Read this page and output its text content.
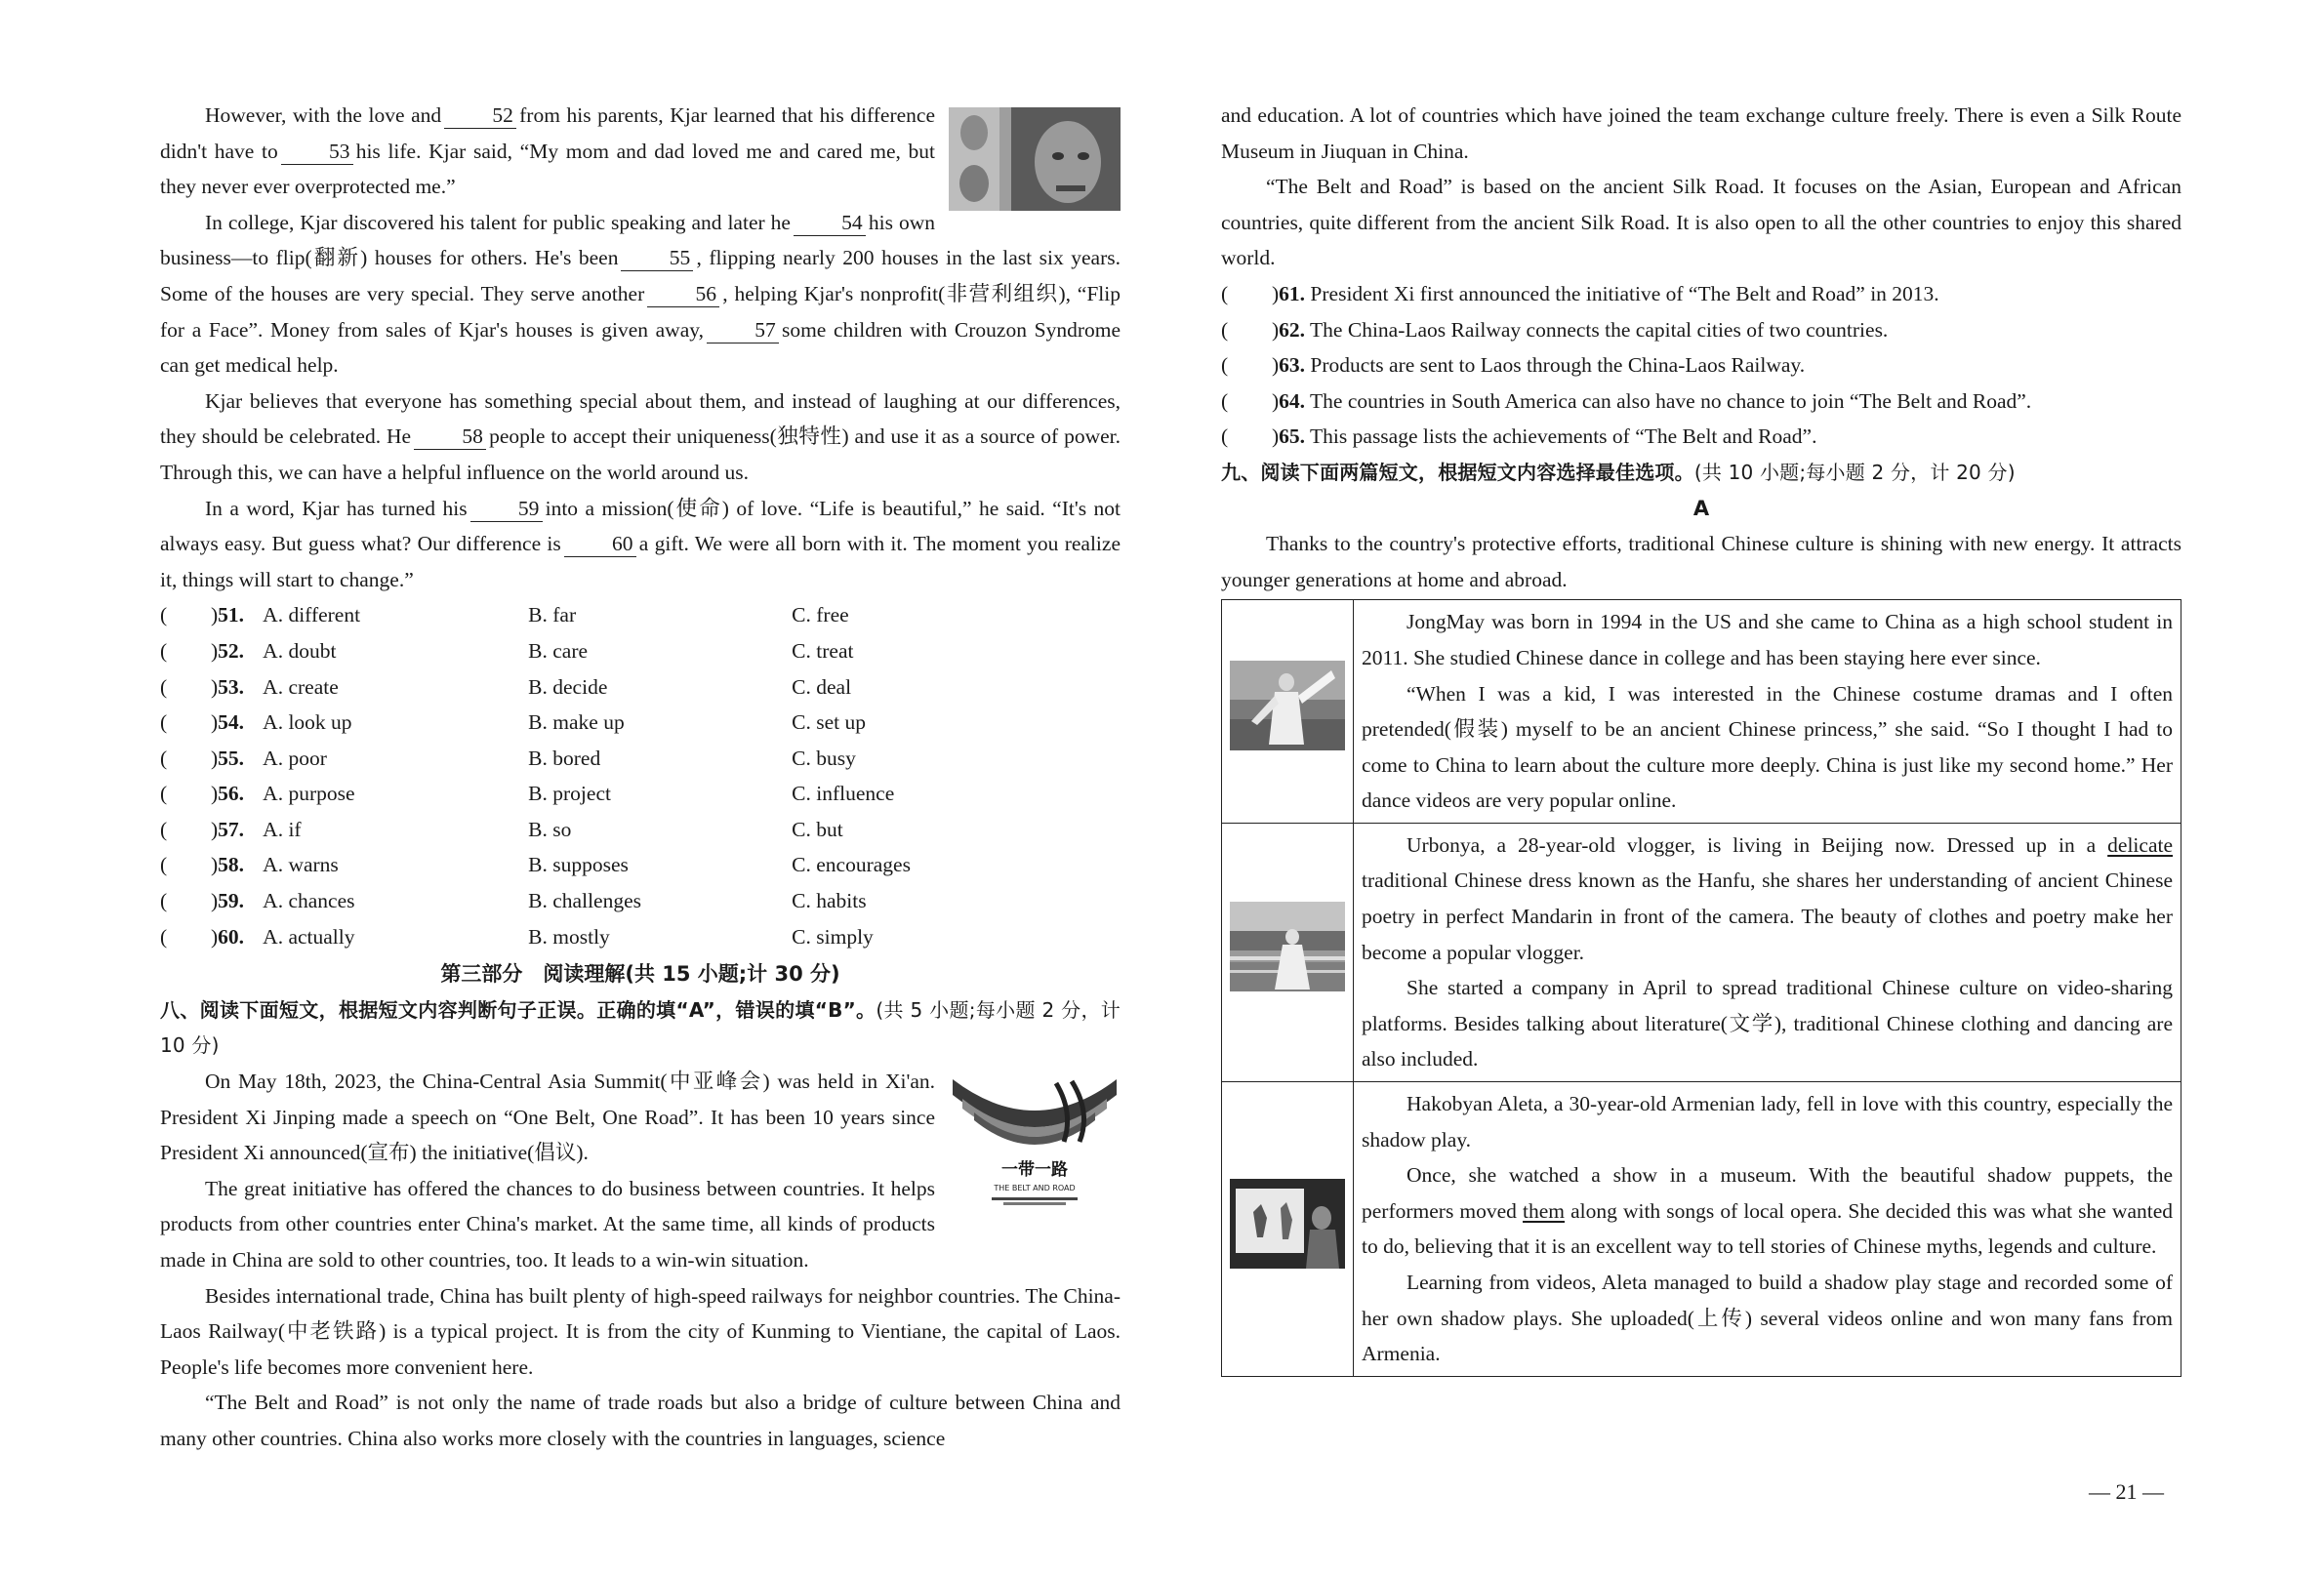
However, with the love and 52 from his parents, Kjar learned that his difference didn't have to 53 his life. Kjar said, “My mom and dad loved me and cared me, but they never ever overprotected me.”

In college, Kjar discovered his talent for public speaking and later he 54 his own business—to flip(翻新) houses for others. He's been 55 , flipping nearly 200 houses in the last six years. Some of the houses are very special. They serve another 56 , helping Kjar's nonprofit(非营利组织), “Flip for a Face”. Money from sales of Kjar's houses is given away, 57 some children with Crouzon Syndrome can get medical help.

Kjar believes that everyone has something special about them, and instead of laughing at our differences, they should be celebrated. He 58 people to accept their uniqueness(独特性) and use it as a source of power. Through this, we can have a helpful influence on the world around us.

In a word, Kjar has turned his 59 into a mission(使命) of love. “Life is beautiful,” he said. “It's not always easy. But guess what? Our difference is 60 a gift. We were all born with it. The moment you realize it, things will start to change.”

(	) 51. A. different	B. far	C. free
(	) 52. A. doubt	B. care	C. treat
(	) 53. A. create	B. decide	C. deal
(	) 54. A. look up	B. make up	C. set up
(	) 55. A. poor	B. bored	C. busy
(	) 56. A. purpose	B. project	C. influence
(	) 57. A. if	B. so	C. but
(	) 58. A. warns	B. supposes	C. encourages
(	) 59. A. chances	B. challenges	C. habits
(	) 60. A. actually	B. mostly	C. simply

第三部分　阅读理解(共 15 小题;计 30 分)

八、阅读下面短文，根据短文内容判断句子正误。正确的填“A”，错误的填“B”。(共 5 小题;每小题 2 分，计 10 分)

一带一路
THE BELT AND ROAD

On May 18th, 2023, the China-Central Asia Summit(中亚峰会) was held in Xi'an. President Xi Jinping made a speech on “One Belt, One Road”. It has been 10 years since President Xi announced(宣布) the initiative(倡议).

The great initiative has offered the chances to do business between countries. It helps products from other countries enter China's market. At the same time, all kinds of products made in China are sold to other countries, too. It leads to a win-win situation.

Besides international trade, China has built plenty of high-speed railways for neighbor countries. The China-Laos Railway(中老铁路) is a typical project. It is from the city of Kunming to Vientiane, the capital of Laos. People's life becomes more convenient here.

“The Belt and Road” is not only the name of trade roads but also a bridge of culture between China and many other countries. China also works more closely with the countries in languages, science

and education. A lot of countries which have joined the team exchange culture freely. There is even a Silk Route Museum in Jiuquan in China.

“The Belt and Road” is based on the ancient Silk Road. It focuses on the Asian, European and African countries, quite different from the ancient Silk Road. It is also open to all the other countries to enjoy this shared world.

(	) 61. President Xi first announced the initiative of “The Belt and Road” in 2013.
(	) 62. The China-Laos Railway connects the capital cities of two countries.
(	) 63. Products are sent to Laos through the China-Laos Railway.
(	) 64. The countries in South America can also have no chance to join “The Belt and Road”.
(	) 65. This passage lists the achievements of “The Belt and Road”.

九、阅读下面两篇短文，根据短文内容选择最佳选项。(共 10 小题;每小题 2 分，计 20 分)

A

Thanks to the country's protective efforts, traditional Chinese culture is shining with new energy. It attracts younger generations at home and abroad.

JongMay was born in 1994 in the US and she came to China as a high school student in 2011. She studied Chinese dance in college and has been staying here ever since.

“When I was a kid, I was interested in the Chinese costume dramas and I often pretended(假装) myself to be an ancient Chinese princess,” she said. “So I thought I had to come to China to learn about the culture more deeply. China is just like my second home.” Her dance videos are very popular online.

Urbonya, a 28-year-old vlogger, is living in Beijing now. Dressed up in a delicate traditional Chinese dress known as the Hanfu, she shares her understanding of ancient Chinese poetry in perfect Mandarin in front of the camera. The beauty of clothes and poetry make her become a popular vlogger.

She started a company in April to spread traditional Chinese culture on video-sharing platforms. Besides talking about literature(文学), traditional Chinese clothing and dancing are also included.

Hakobyan Aleta, a 30-year-old Armenian lady, fell in love with this country, especially the shadow play.

Once, she watched a show in a museum. With the beautiful shadow puppets, the performers moved them along with songs of local opera. She decided this was what she wanted to do, believing that it is an excellent way to tell stories of Chinese myths, legends and culture.

Learning from videos, Aleta managed to build a shadow play stage and recorded some of her own shadow plays. She uploaded(上传) several videos online and won many fans from Armenia.

— 21 —
